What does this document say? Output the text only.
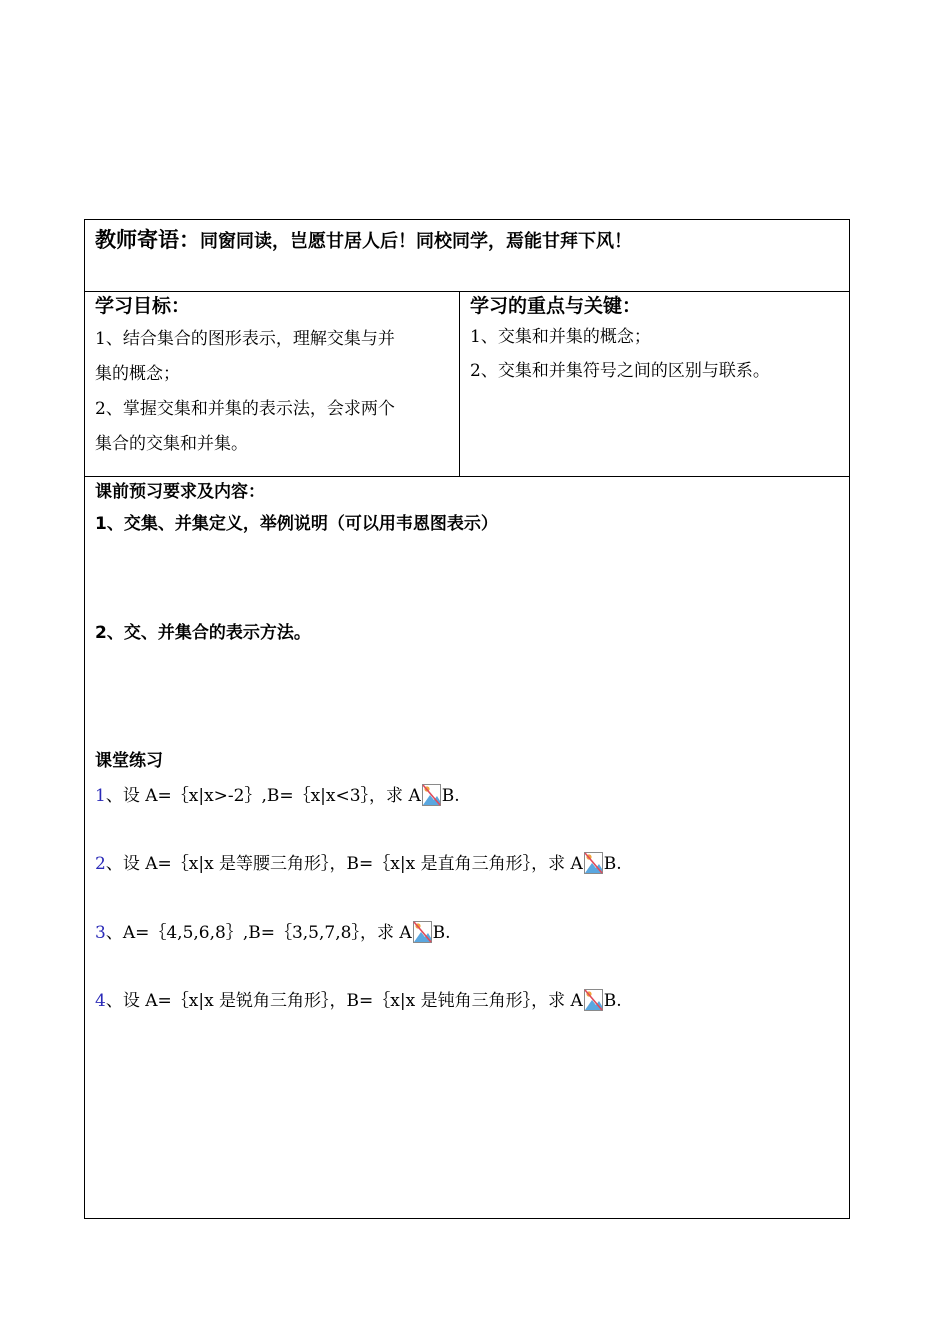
教师寄语：同窗同读，岂愿甘居人后！同校同学，焉能甘拜下风！
学习目标：
1、结合集合的图形表示，理解交集与并
集的概念；
2、掌握交集和并集的表示法，会求两个
集合的交集和并集。
学习的重点与关键：
1、交集和并集的概念；
2、交集和并集符号之间的区别与联系。
课前预习要求及内容：
1、交集、并集定义，举例说明（可以用韦恩图表示）
2、交、并集合的表示方法。
课堂练习
1、设 A=｛x|x>-2｝,B=｛x|x<3｝，求 A B.
2、设 A=｛x|x 是等腰三角形｝，B=｛x|x 是直角三角形｝，求 A B.
3、A=｛4,5,6,8｝,B=｛3,5,7,8｝，求 A B.
4、设 A=｛x|x 是锐角三角形｝，B=｛x|x 是钝角三角形｝，求 A B.
